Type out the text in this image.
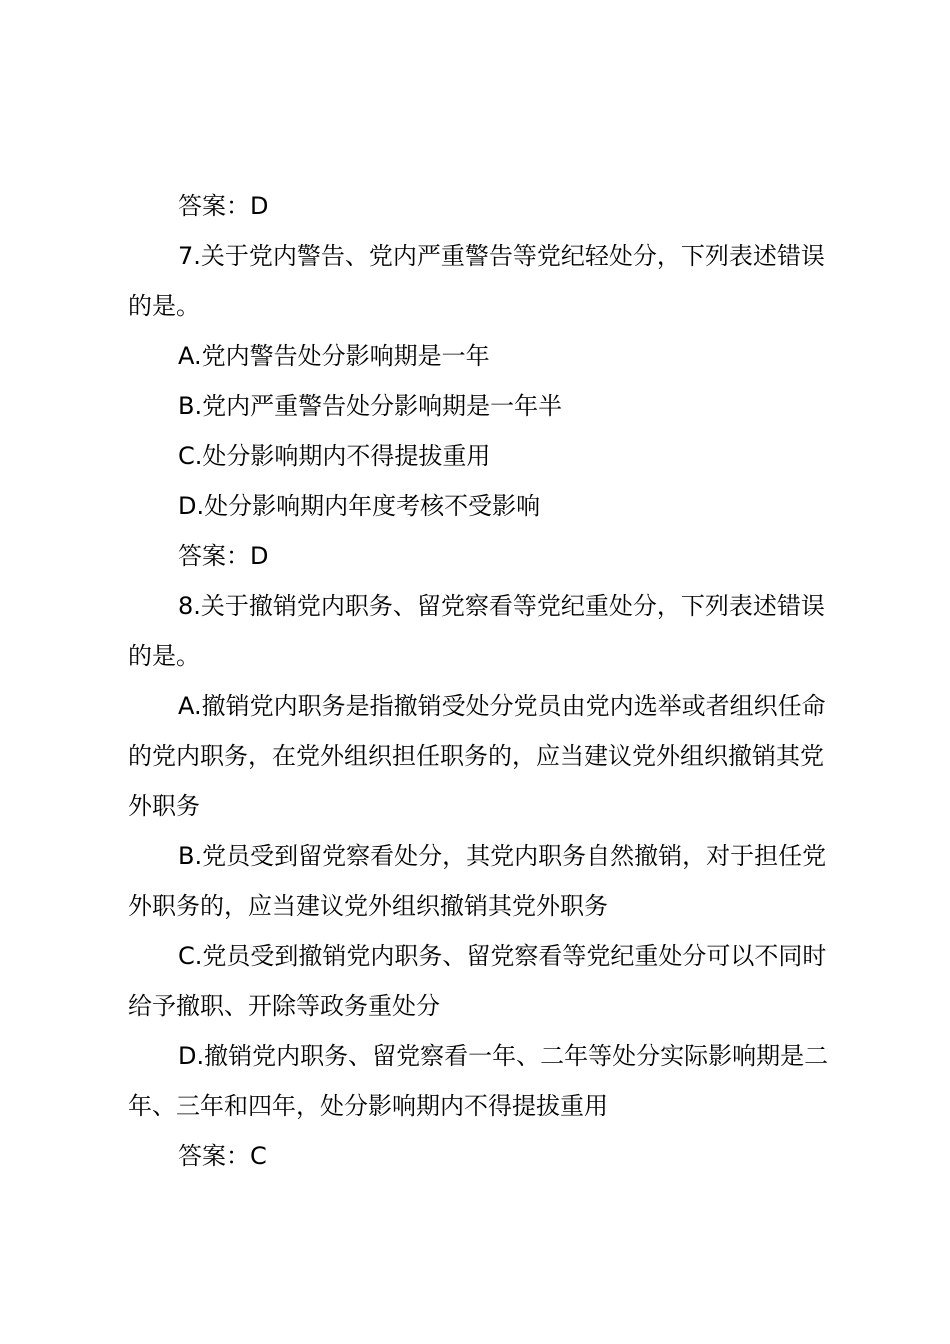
答案：D

7.关于党内警告、党内严重警告等党纪轻处分，下列表述错误的是。

A.党内警告处分影响期是一年

B.党内严重警告处分影响期是一年半

C.处分影响期内不得提拔重用

D.处分影响期内年度考核不受影响

答案：D

8.关于撤销党内职务、留党察看等党纪重处分，下列表述错误的是。

A.撤销党内职务是指撤销受处分党员由党内选举或者组织任命的党内职务，在党外组织担任职务的，应当建议党外组织撤销其党外职务

B.党员受到留党察看处分，其党内职务自然撤销，对于担任党外职务的，应当建议党外组织撤销其党外职务

C.党员受到撤销党内职务、留党察看等党纪重处分可以不同时给予撤职、开除等政务重处分

D.撤销党内职务、留党察看一年、二年等处分实际影响期是二年、三年和四年，处分影响期内不得提拔重用

答案：C
